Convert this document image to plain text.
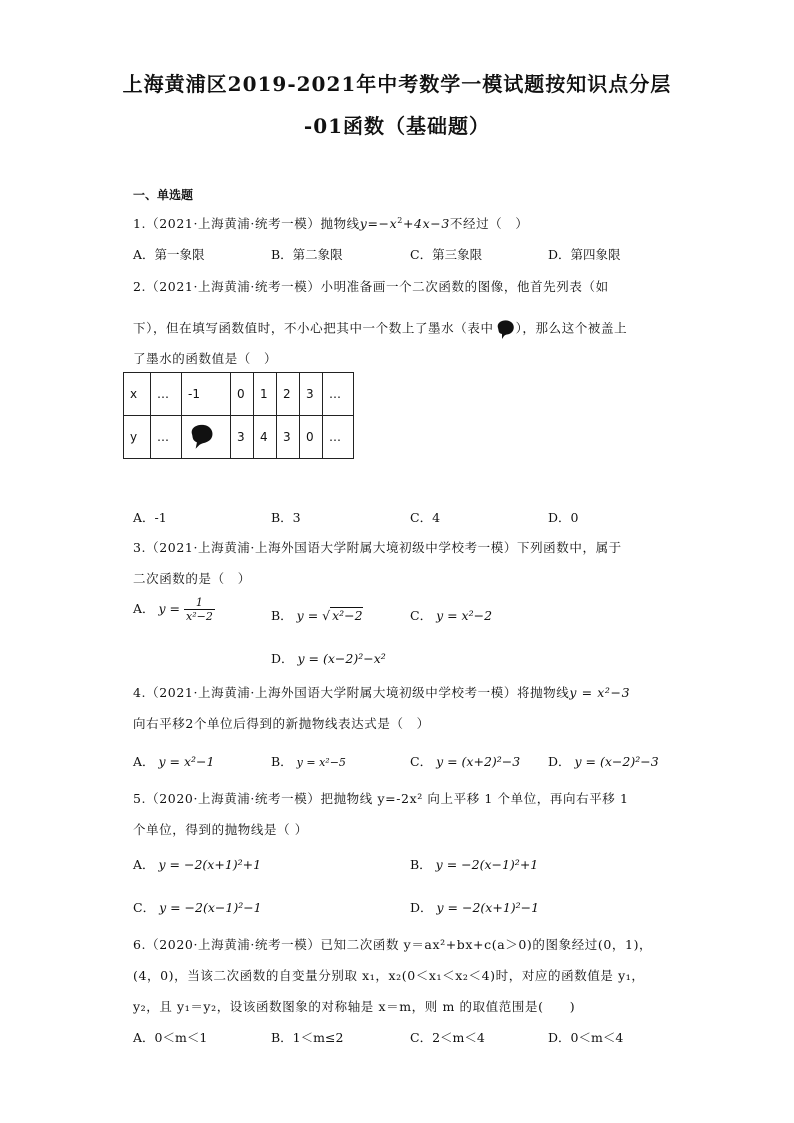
上海黄浦区2019-2021年中考数学一模试题按知识点分层
-01函数（基础题）
一、单选题
1.（2021·上海黄浦·统考一模）抛物线$y=-x^2+4x-3$不经过（　）
A．第一象限	B．第二象限	C．第三象限	D．第四象限
2.（2021·上海黄浦·统考一模）小明准备画一个二次函数的图像，他首先列表（如
下），但在填写函数值时，不小心把其中一个数上了墨水（表中 ），那么这个被盖上
了墨水的函数值是（　）
x	…	-1	0	1	2	3	…
y	…		3	4	3	0	…
A．-1	B．3	C．4	D．0
3.（2021·上海黄浦·上海外国语大学附属大境初级中学校考一模）下列函数中，属于
二次函数的是（　）
A． $y = \frac{1}{\text{x²−2}}$	B． y = √ x²−2	C． y = x²−2
D． y = (x−2)²−x²
4.（2021·上海黄浦·上海外国语大学附属大境初级中学校考一模）将抛物线y = x²−3
向右平移2个单位后得到的新抛物线表达式是（　）
A． y = x²−1	B． y = x²−5	C． y = (x+2)²−3 D． y = (x−2)²−3
5.（2020·上海黄浦·统考一模）把抛物线 y=-2x² 向上平移 1 个单位，再向右平移 1
个单位，得到的抛物线是（ ）
A． y = −2(x+1)²+1	B． y = −2(x−1)²+1
C． y = −2(x−1)²−1	D． y = −2(x+1)²−1
6.（2020·上海黄浦·统考一模）已知二次函数 y＝ax²+bx+c(a＞0)的图象经过(0，1)，
(4，0)，当该二次函数的自变量分别取 x₁，x₂(0＜x₁＜x₂＜4)时，对应的函数值是 y₁，
y₂，且 y₁＝y₂，设该函数图象的对称轴是 x＝m，则 m 的取值范围是(　　)
A．0＜m＜1	B．1＜m≤2	C．2＜m＜4	D．0＜m＜4
